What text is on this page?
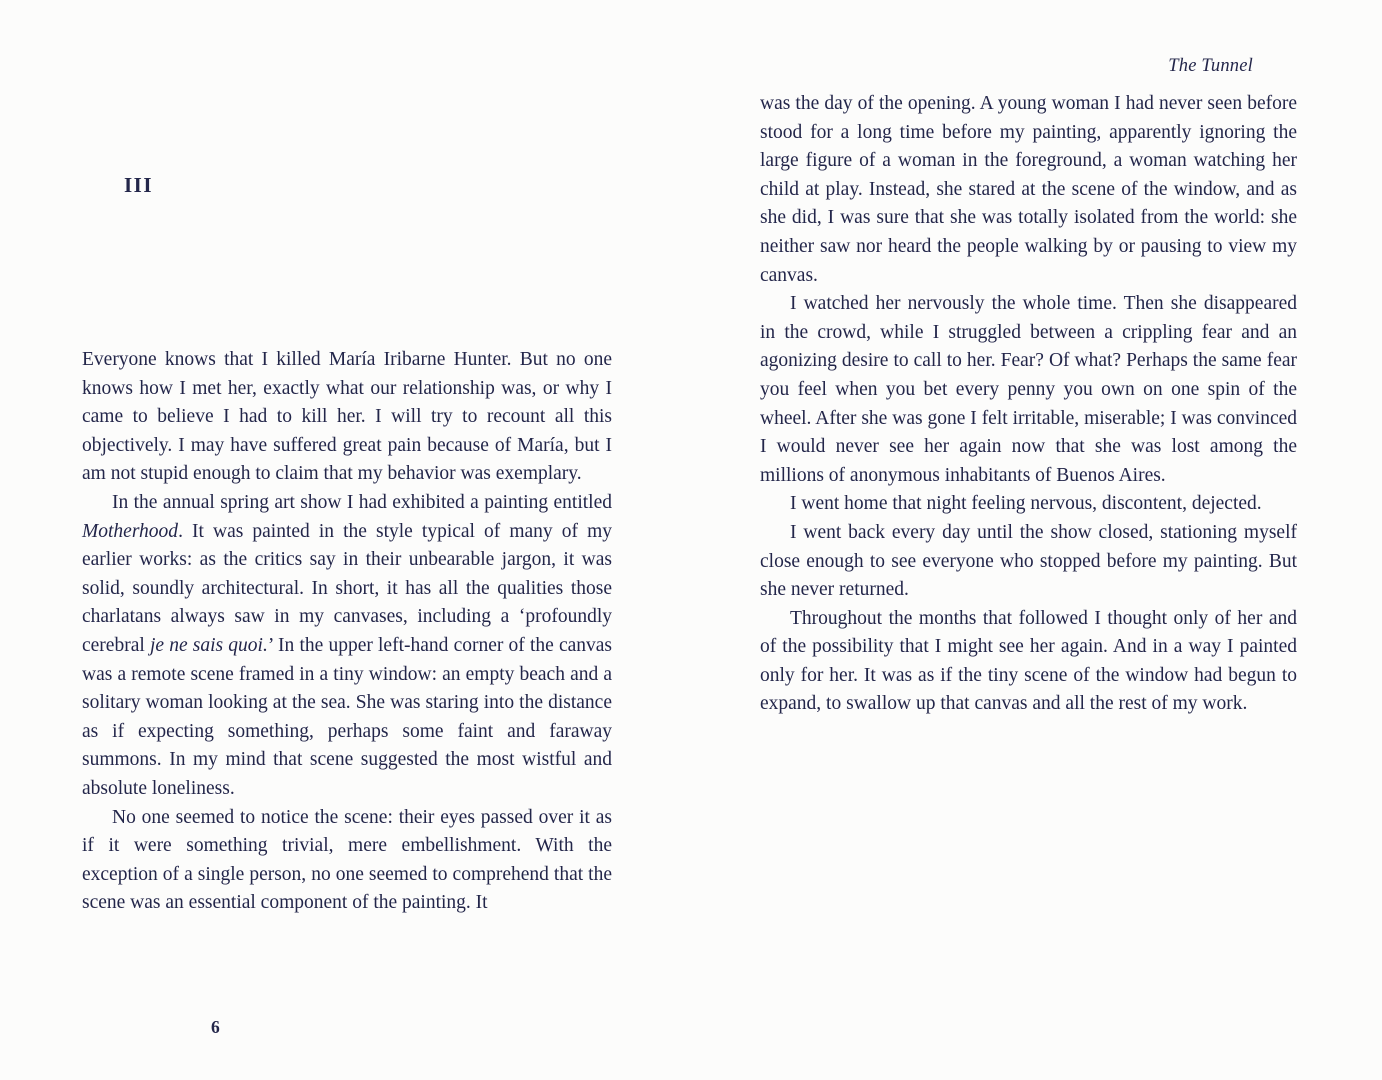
III

Everyone knows that I killed María Iribarne Hunter. But no one knows how I met her, exactly what our relationship was, or why I came to believe I had to kill her. I will try to recount all this objectively. I may have suffered great pain because of María, but I am not stupid enough to claim that my behavior was exemplary.

In the annual spring art show I had exhibited a painting entitled Motherhood. It was painted in the style typical of many of my earlier works: as the critics say in their unbearable jargon, it was solid, soundly architectural. In short, it has all the qualities those charlatans always saw in my canvases, including a ‘profoundly cerebral je ne sais quoi.’ In the upper left-hand corner of the canvas was a remote scene framed in a tiny window: an empty beach and a solitary woman looking at the sea. She was staring into the distance as if expecting something, perhaps some faint and faraway summons. In my mind that scene suggested the most wistful and absolute loneliness.

No one seemed to notice the scene: their eyes passed over it as if it were something trivial, mere embellishment. With the exception of a single person, no one seemed to comprehend that the scene was an essential component of the painting. It

6
The Tunnel

was the day of the opening. A young woman I had never seen before stood for a long time before my painting, apparently ignoring the large figure of a woman in the foreground, a woman watching her child at play. Instead, she stared at the scene of the window, and as she did, I was sure that she was totally isolated from the world: she neither saw nor heard the people walking by or pausing to view my canvas.

I watched her nervously the whole time. Then she disappeared in the crowd, while I struggled between a crippling fear and an agonizing desire to call to her. Fear? Of what? Perhaps the same fear you feel when you bet every penny you own on one spin of the wheel. After she was gone I felt irritable, miserable; I was convinced I would never see her again now that she was lost among the millions of anonymous inhabitants of Buenos Aires.

I went home that night feeling nervous, discontent, dejected.

I went back every day until the show closed, stationing myself close enough to see everyone who stopped before my painting. But she never returned.

Throughout the months that followed I thought only of her and of the possibility that I might see her again. And in a way I painted only for her. It was as if the tiny scene of the window had begun to expand, to swallow up that canvas and all the rest of my work.
